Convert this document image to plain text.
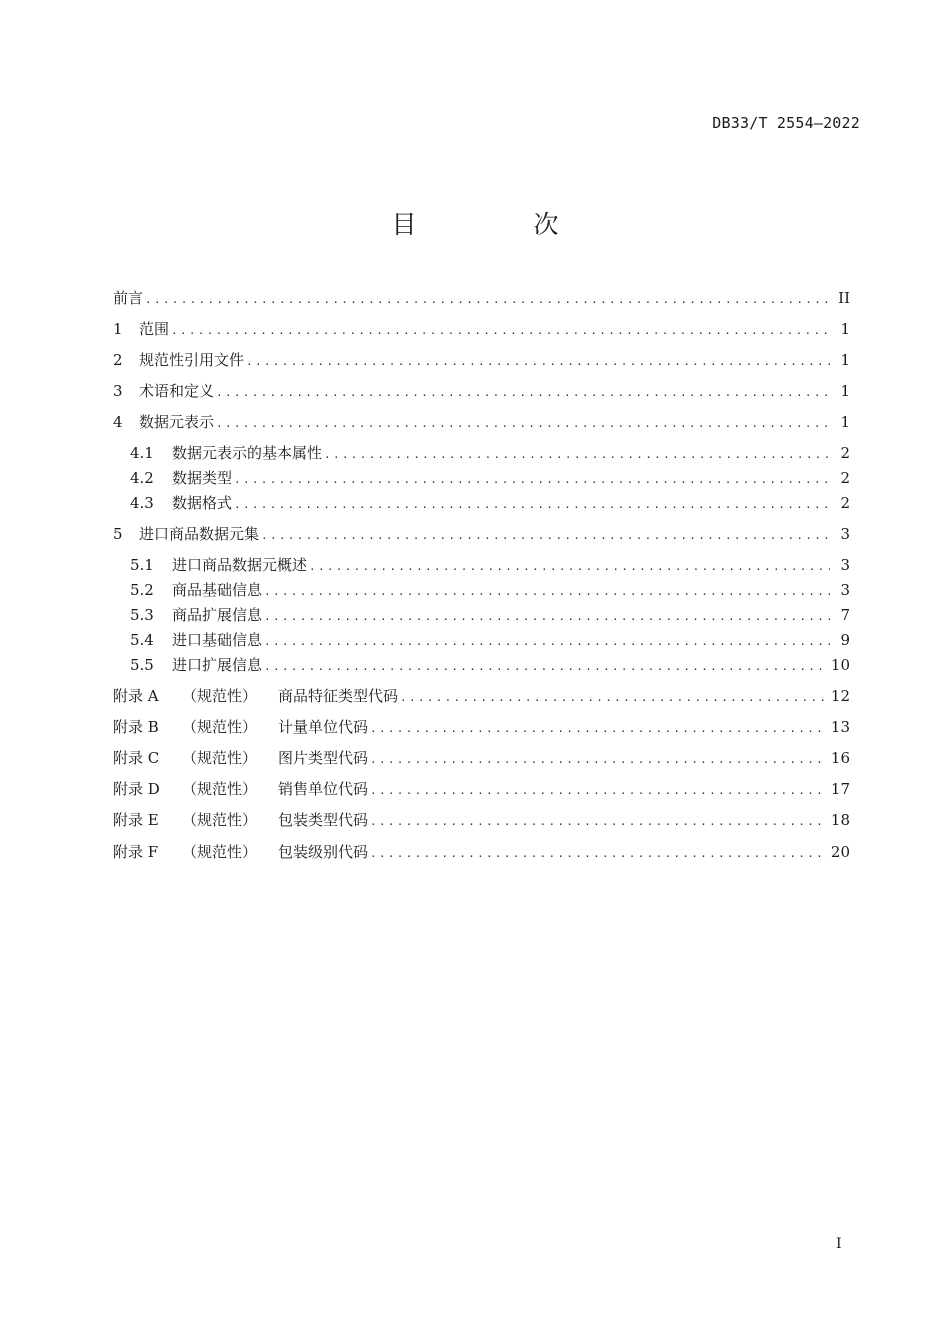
DB33/T 2554—2022
目　次
前言 .....	II
1	范围 .....	1
2	规范性引用文件 .....	1
3	术语和定义 .....	1
4	数据元表示 .....	1
4.1	数据元表示的基本属性 .....	2
4.2	数据类型 .....	2
4.3	数据格式 .....	2
5	进口商品数据元集 .....	3
5.1	进口商品数据元概述 .....	3
5.2	商品基础信息 .....	3
5.3	商品扩展信息 .....	7
5.4	进口基础信息 .....	9
5.5	进口扩展信息 .....	10
附录 A	（规范性）	商品特征类型代码 .....	12
附录 B	（规范性）	计量单位代码 .....	13
附录 C	（规范性）	图片类型代码 .....	16
附录 D	（规范性）	销售单位代码 .....	17
附录 E	（规范性）	包装类型代码 .....	18
附录 F	（规范性）	包装级别代码 .....	20
I
